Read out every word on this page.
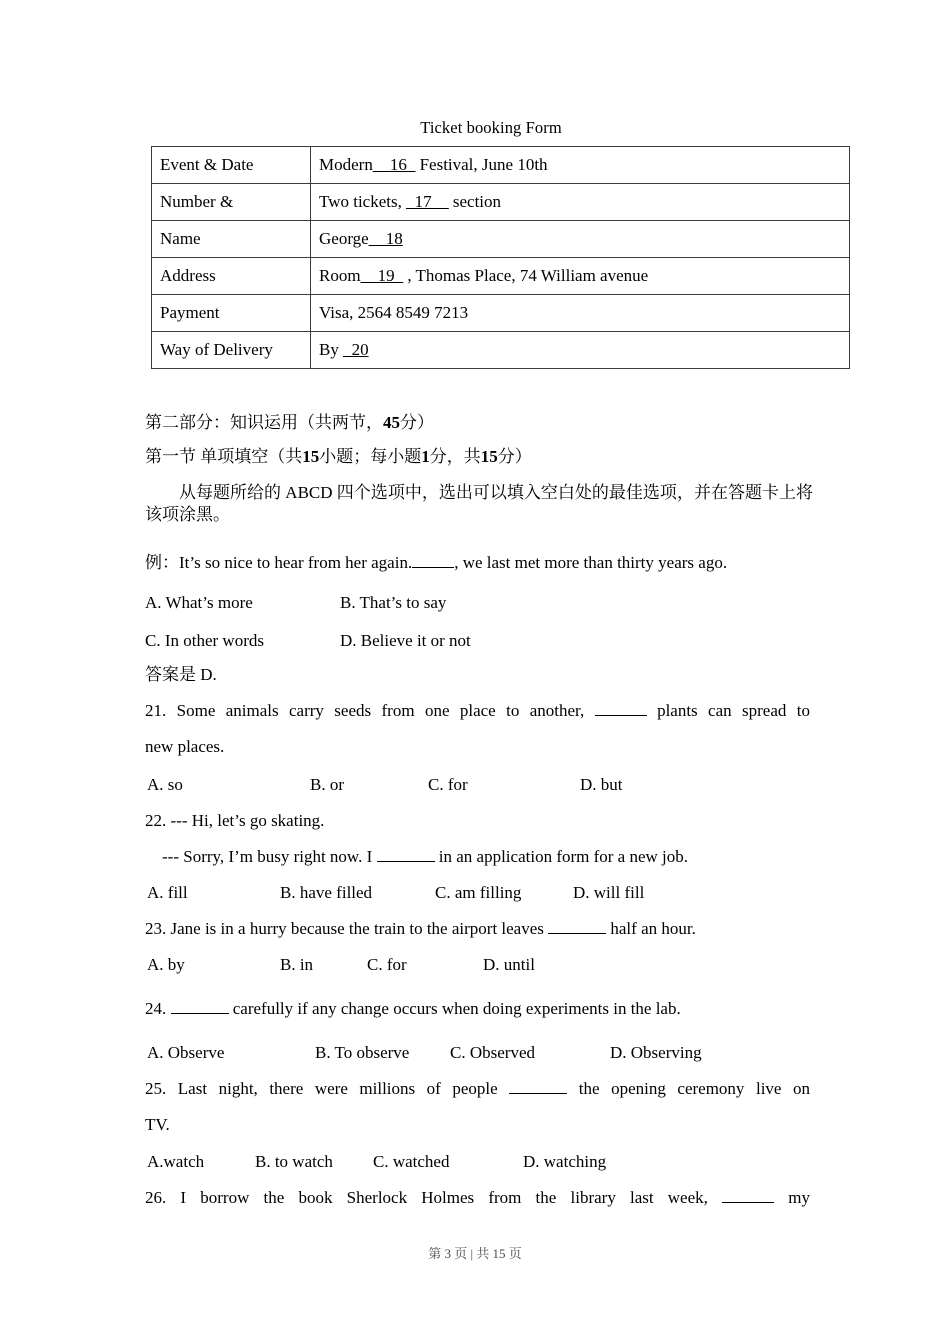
Ticket booking Form
Event & Date	Modern__16_ Festival, June 10th
Number &	Two tickets, _17__ section
Name	George__18
Address	Room__19_ , Thomas Place, 74 William avenue
Payment	Visa, 2564 8549 7213
Way of Delivery	By _20
第二部分：知识运用（共两节，45分）
第一节 单项填空（共15小题；每小题1分，共15分）
从每题所给的 ABCD 四个选项中，选出可以填入空白处的最佳选项，并在答题卡上将该项涂黑。
例：It’s so nice to hear from her again. , we last met more than thirty years ago.
A. What’s more	B. That’s to say
C. In other words	D. Believe it or not
答案是 D.
21. Some animals carry seeds from one place to another,	plants can spread to
new places.
A. so	B. or	C. for	D. but
22. --- Hi, let’s go skating.
--- Sorry, I’m busy right now. I	in an application form for a new job.
A. fill	B. have filled	C. am filling	D. will fill
23. Jane is in a hurry because the train to the airport leaves	half an hour.
A. by	B. in	C. for	D. until
24.	carefully if any change occurs when doing experiments in the lab.
A. Observe	B. To observe C. Observed	D. Observing
25. Last night, there were millions of people	the opening ceremony live on
TV.
A.watch	B. to watch C. watched	D. watching
26. I borrow the book Sherlock Holmes from the library last week,	my
第 3 页 | 共 15 页
